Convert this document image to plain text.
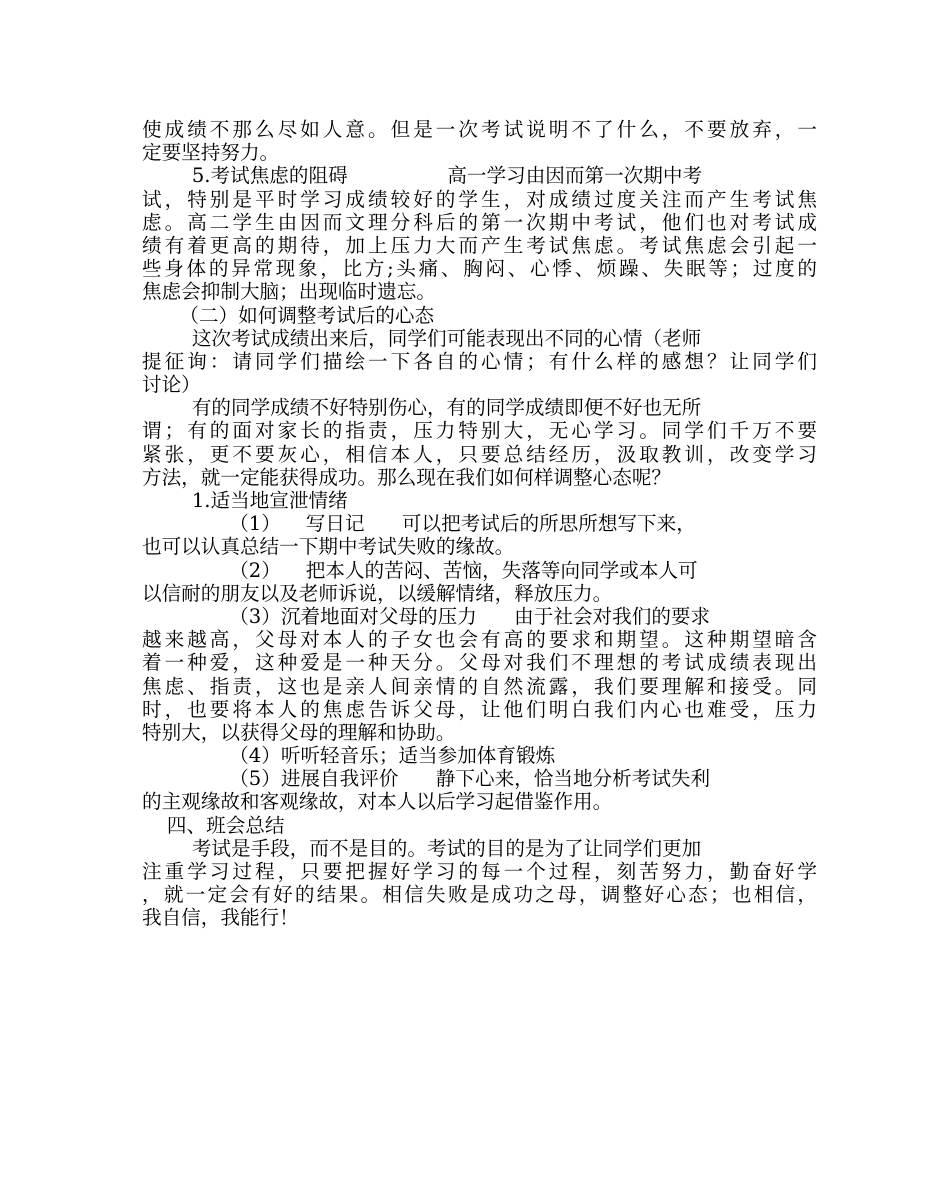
使成绩不那么尽如人意。但是一次考试说明不了什么，不要放弃，一
定要坚持努力。
5.考试焦虑的阻碍                高一学习由因而第一次期中考
试，特别是平时学习成绩较好的学生，对成绩过度关注而产生考试焦
虑。高二学生由因而文理分科后的第一次期中考试，他们也对考试成
绩有着更高的期待，加上压力大而产生考试焦虑。考试焦虑会引起一
些身体的异常现象，比方;头痛、胸闷、心悸、烦躁、失眠等；过度的
焦虑会抑制大脑；出现临时遗忘。
（二）如何调整考试后的心态
这次考试成绩出来后，同学们可能表现出不同的心情（老师
提征询：请同学们描绘一下各自的心情；有什么样的感想？让同学们
讨论）
有的同学成绩不好特别伤心，有的同学成绩即便不好也无所
谓；有的面对家长的指责，压力特别大，无心学习。同学们千万不要
紧张，更不要灰心，相信本人，只要总结经历，汲取教训，改变学习
方法，就一定能获得成功。那么现在我们如何样调整心态呢？
1.适当地宣泄情绪
（1）    写日记      可以把考试后的所思所想写下来，
也可以认真总结一下期中考试失败的缘故。
（2）    把本人的苦闷、苦恼，失落等向同学或本人可
以信耐的朋友以及老师诉说，以缓解情绪，释放压力。
（3）沉着地面对父母的压力      由于社会对我们的要求
越来越高，父母对本人的子女也会有高的要求和期望。这种期望暗含
着一种爱，这种爱是一种天分。父母对我们不理想的考试成绩表现出
焦虑、指责，这也是亲人间亲情的自然流露，我们要理解和接受。同
时，也要将本人的焦虑告诉父母，让他们明白我们内心也难受，压力
特别大，以获得父母的理解和协助。
（4）听听轻音乐；适当参加体育锻炼
（5）进展自我评价      静下心来，恰当地分析考试失利
的主观缘故和客观缘故，对本人以后学习起借鉴作用。
四、班会总结
考试是手段，而不是目的。考试的目的是为了让同学们更加
注重学习过程，只要把握好学习的每一个过程，刻苦努力，勤奋好学
，就一定会有好的结果。相信失败是成功之母，调整好心态；也相信，
我自信，我能行！
